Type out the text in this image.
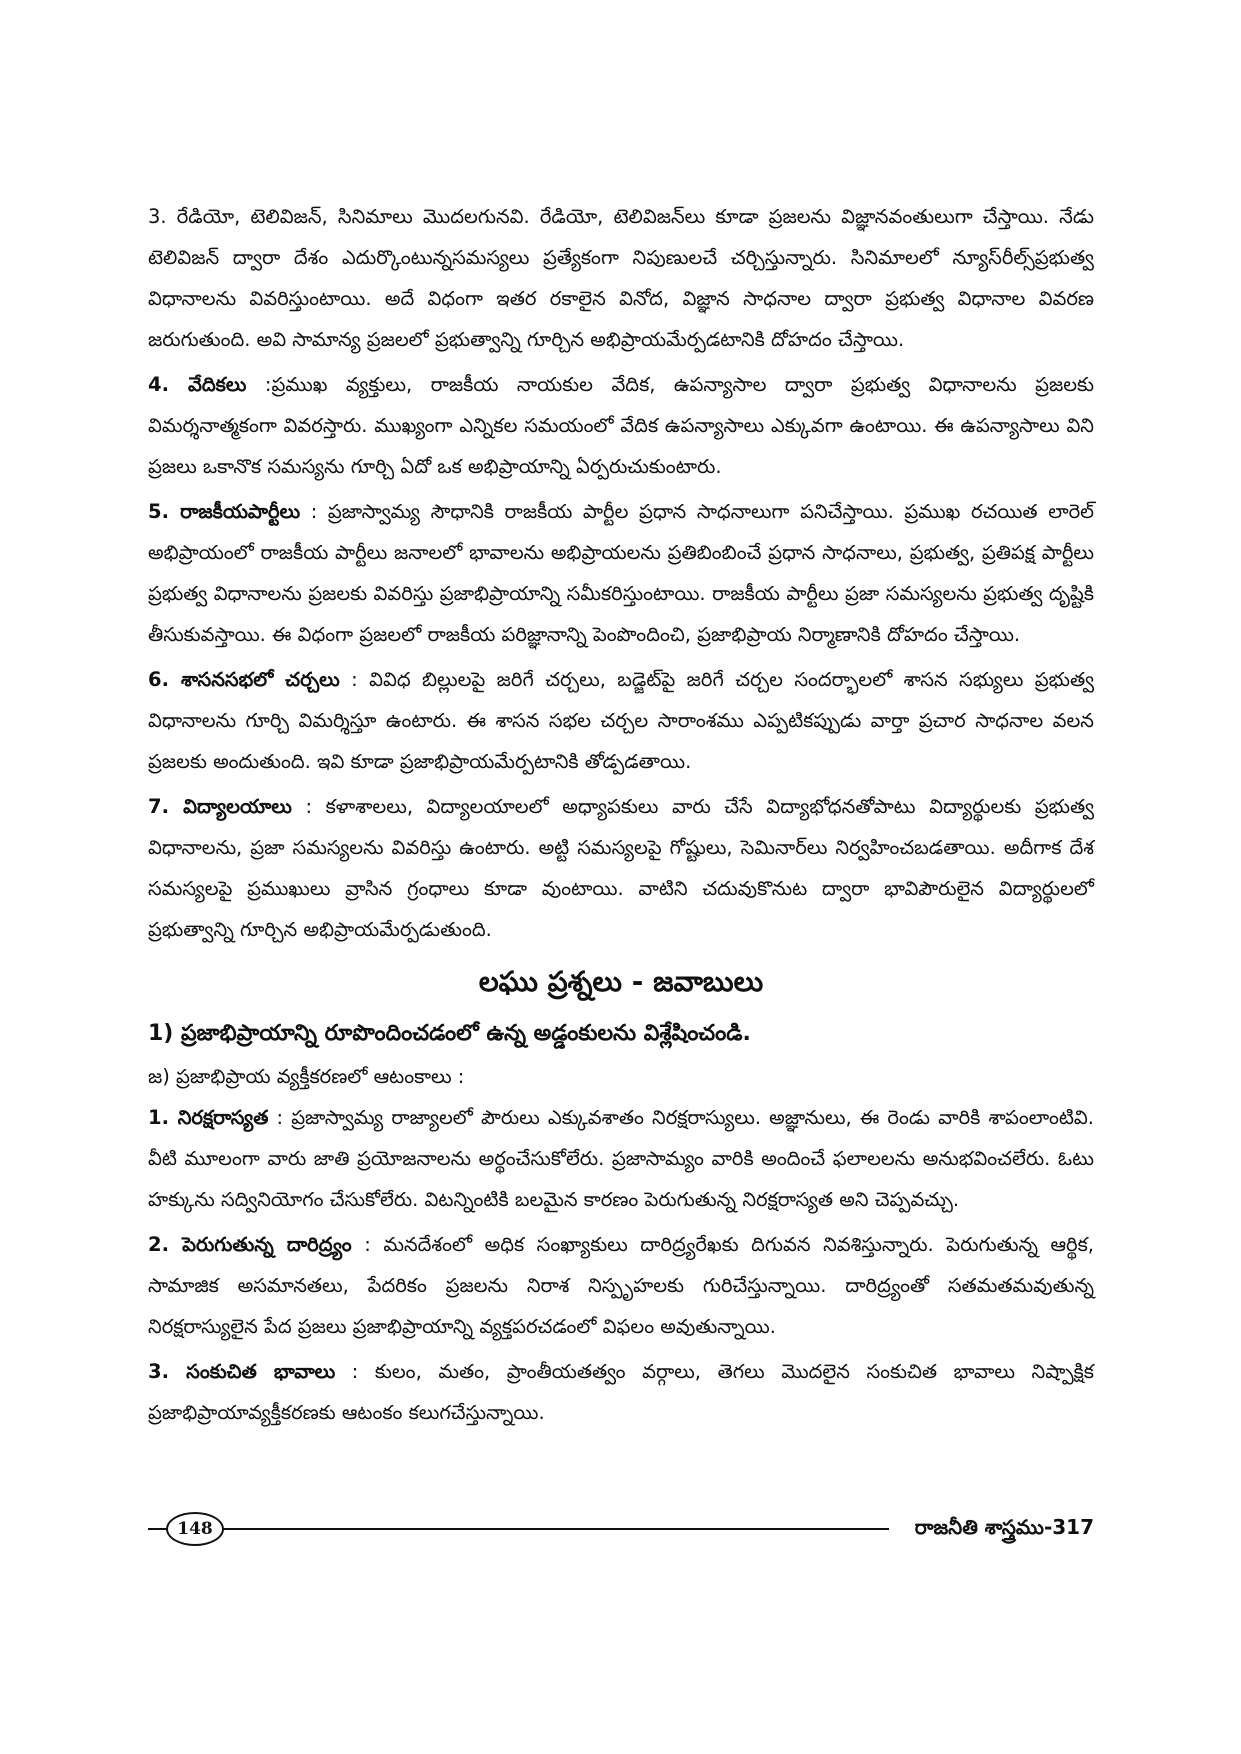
3. రేడియో, టెలివిజన్, సినిమాలు మొదలగునవి. రేడియో, టెలివిజన్‌లు కూడా ప్రజలను విజ్ఞానవంతులుగా చేస్తాయి. నేడు టెలివిజన్ ద్వారా దేశం ఎదుర్కొంటున్నసమస్యలు ప్రత్యేకంగా నిపుణులచే చర్చిస్తున్నారు. సినిమాలలో న్యూస్‌రీల్స్‌ప్రభుత్వ విధానాలను వివరిస్తుంటాయి. అదే విధంగా ఇతర రకాలైన వినోద, విజ్ఞాన సాధనాల ద్వారా ప్రభుత్వ విధానాల వివరణ జరుగుతుంది. అవి సామాన్య ప్రజలలో ప్రభుత్వాన్ని గూర్చిన అభిప్రాయమేర్పడటానికి దోహదం చేస్తాయి.

4. వేదికలు :ప్రముఖ వ్యక్తులు, రాజకీయ నాయకుల వేదిక, ఉపన్యాసాల ద్వారా ప్రభుత్వ విధానాలను ప్రజలకు విమర్శనాత్మకంగా వివరస్తారు. ముఖ్యంగా ఎన్నికల సమయంలో వేదిక ఉపన్యాసాలు ఎక్కువగా ఉంటాయి. ఈ ఉపన్యాసాలు విని ప్రజలు ఒకానొక సమస్యను గూర్చి ఏదో ఒక అభిప్రాయాన్ని ఏర్పరుచుకుంటారు.

5. రాజకీయపార్టీలు : ప్రజాస్వామ్య సౌధానికి రాజకీయ పార్టీల ప్రధాన సాధనాలుగా పనిచేస్తాయి. ప్రముఖ రచయిత లారెల్ అభిప్రాయంలో రాజకీయ పార్టీలు జనాలలో భావాలను అభిప్రాయలను ప్రతిబింబించే ప్రధాన సాధనాలు, ప్రభుత్వ, ప్రతిపక్ష పార్టీలు ప్రభుత్వ విధానాలను ప్రజలకు వివరిస్తు ప్రజాభిప్రాయాన్ని సమీకరిస్తుంటాయి. రాజకీయ పార్టీలు ప్రజా సమస్యలను ప్రభుత్వ దృష్టికి తీసుకువస్తాయి. ఈ విధంగా ప్రజలలో రాజకీయ పరిజ్ఞానాన్ని పెంపొందించి, ప్రజాభిప్రాయ నిర్మాణానికి దోహదం చేస్తాయి.

6. శాసనసభలో చర్చలు : వివిధ బిల్లులపై జరిగే చర్చలు, బడ్జెట్‌పై జరిగే చర్చల సందర్భాలలో శాసన సభ్యులు ప్రభుత్వ విధానాలను గూర్చి విమర్శిస్తూ ఉంటారు. ఈ శాసన సభల చర్చల సారాంశము ఎప్పటికప్పుడు వార్తా ప్రచార సాధనాల వలన ప్రజలకు అందుతుంది. ఇవి కూడా ప్రజాభిప్రాయమేర్పటానికి తోడ్పడతాయి.

7. విద్యాలయాలు : కళాశాలలు, విద్యాలయాలలో అధ్యాపకులు వారు చేసే విద్యాభోధనతోపాటు విద్యార్థులకు ప్రభుత్వ విధానాలను, ప్రజా సమస్యలను వివరిస్తు ఉంటారు. అట్టి సమస్యలపై గోష్టులు, సెమినార్‌లు నిర్వహించబడతాయి. అదీగాక దేశ సమస్యలపై ప్రముఖులు వ్రాసిన గ్రంధాలు కూడా వుంటాయి. వాటిని చదువుకొనుట ద్వారా భావిపౌరులైన విద్యార్థులలో ప్రభుత్వాన్ని గూర్చిన అభిప్రాయమేర్పడుతుంది.

లఘు ప్రశ్నలు - జవాబులు

1) ప్రజాభిప్రాయాన్ని రూపొందించడంలో ఉన్న అడ్డంకులను విశ్లేషించండి.

జ) ప్రజాభిప్రాయ వ్యక్తీకరణలో ఆటంకాలు :

1. నిరక్షరాస్యత : ప్రజాస్వామ్య రాజ్యాలలో పౌరులు ఎక్కువశాతం నిరక్షరాస్యులు. అజ్ఞానులు, ఈ రెండు వారికి శాపంలాంటివి. వీటి మూలంగా వారు జాతి ప్రయోజనాలను అర్థంచేసుకోలేరు. ప్రజాసామ్యం వారికి అందించే ఫలాలలను అనుభవించలేరు. ఓటు హక్కును సద్వినియోగం చేసుకోలేరు. విటన్నింటికి బలమైన కారణం పెరుగుతున్న నిరక్షరాస్యత అని చెప్పవచ్చు.

2. పెరుగుతున్న దారిద్ర్యం : మనదేశంలో అధిక సంఖ్యాకులు దారిద్ర్యరేఖకు దిగువన నివశిస్తున్నారు. పెరుగుతున్న ఆర్థిక, సామాజిక అసమానతలు, పేదరికం ప్రజలను నిరాశ నిస్పృహలకు గురిచేస్తున్నాయి. దారిద్ర్యంతో సతమతమవుతున్న నిరక్షరాస్యులైన పేద ప్రజలు ప్రజాభిప్రాయాన్ని వ్యక్తపరచడంలో విఫలం అవుతున్నాయి.

3. సంకుచిత భావాలు : కులం, మతం, ప్రాంతీయతత్వం వర్గాలు, తెగలు మొదలైన సంకుచిత భావాలు నిష్పాక్షిక ప్రజాభిప్రాయావ్యక్తీకరణకు ఆటంకం కలుగచేస్తున్నాయి.

148	రాజనీతి శాస్త్రము-317
